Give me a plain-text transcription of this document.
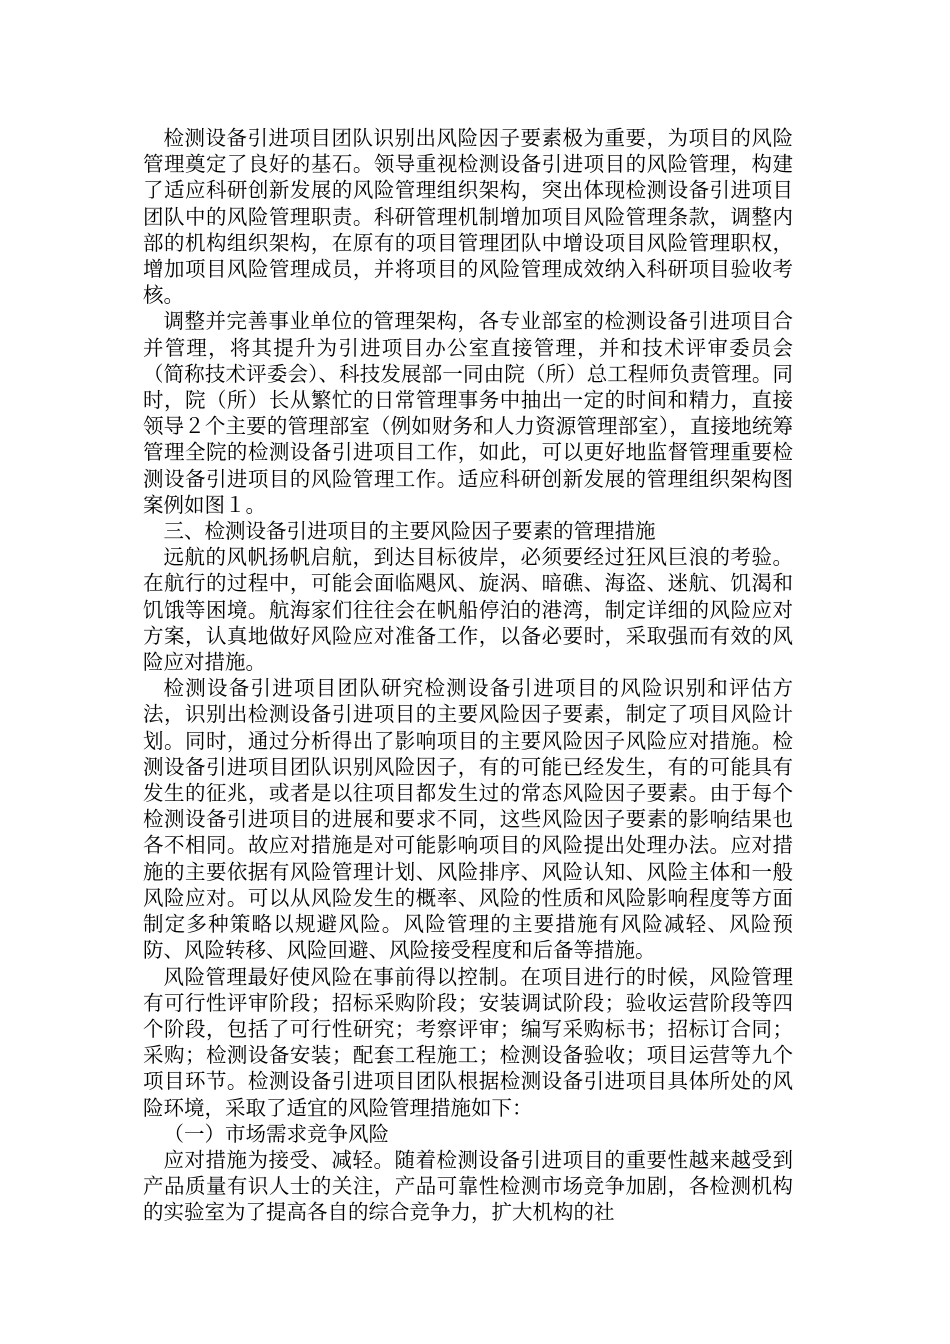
检测设备引进项目团队识别出风险因子要素极为重要，为项目的风险管理奠定了良好的基石。领导重视检测设备引进项目的风险管理，构建了适应科研创新发展的风险管理组织架构，突出体现检测设备引进项目团队中的风险管理职责。科研管理机制增加项目风险管理条款，调整内部的机构组织架构，在原有的项目管理团队中增设项目风险管理职权，增加项目风险管理成员，并将项目的风险管理成效纳入科研项目验收考核。

调整并完善事业单位的管理架构，各专业部室的检测设备引进项目合并管理，将其提升为引进项目办公室直接管理，并和技术评审委员会（简称技术评委会）、科技发展部一同由院（所）总工程师负责管理。同时，院（所）长从繁忙的日常管理事务中抽出一定的时间和精力，直接领导２个主要的管理部室（例如财务和人力资源管理部室），直接地统筹管理全院的检测设备引进项目工作，如此，可以更好地监督管理重要检测设备引进项目的风险管理工作。适应科研创新发展的管理组织架构图案例如图１。

三、检测设备引进项目的主要风险因子要素的管理措施

远航的风帆扬帆启航，到达目标彼岸，必须要经过狂风巨浪的考验。在航行的过程中，可能会面临飓风、旋涡、暗礁、海盗、迷航、饥渴和饥饿等困境。航海家们往往会在帆船停泊的港湾，制定详细的风险应对方案，认真地做好风险应对准备工作，以备必要时，采取强而有效的风险应对措施。

检测设备引进项目团队研究检测设备引进项目的风险识别和评估方法，识别出检测设备引进项目的主要风险因子要素，制定了项目风险计划。同时，通过分析得出了影响项目的主要风险因子风险应对措施。检测设备引进项目团队识别风险因子，有的可能已经发生，有的可能具有发生的征兆，或者是以往项目都发生过的常态风险因子要素。由于每个检测设备引进项目的进展和要求不同，这些风险因子要素的影响结果也各不相同。故应对措施是对可能影响项目的风险提出处理办法。应对措施的主要依据有风险管理计划、风险排序、风险认知、风险主体和一般风险应对。可以从风险发生的概率、风险的性质和风险影响程度等方面制定多种策略以规避风险。风险管理的主要措施有风险减轻、风险预防、风险转移、风险回避、风险接受程度和后备等措施。

风险管理最好使风险在事前得以控制。在项目进行的时候，风险管理有可行性评审阶段；招标采购阶段；安装调试阶段；验收运营阶段等四个阶段，包括了可行性研究；考察评审；编写采购标书；招标订合同；采购；检测设备安装；配套工程施工；检测设备验收；项目运营等九个项目环节。检测设备引进项目团队根据检测设备引进项目具体所处的风险环境，采取了适宜的风险管理措施如下：

（一）市场需求竞争风险

应对措施为接受、减轻。随着检测设备引进项目的重要性越来越受到产品质量有识人士的关注，产品可靠性检测市场竞争加剧，各检测机构的实验室为了提高各自的综合竞争力，扩大机构的社
